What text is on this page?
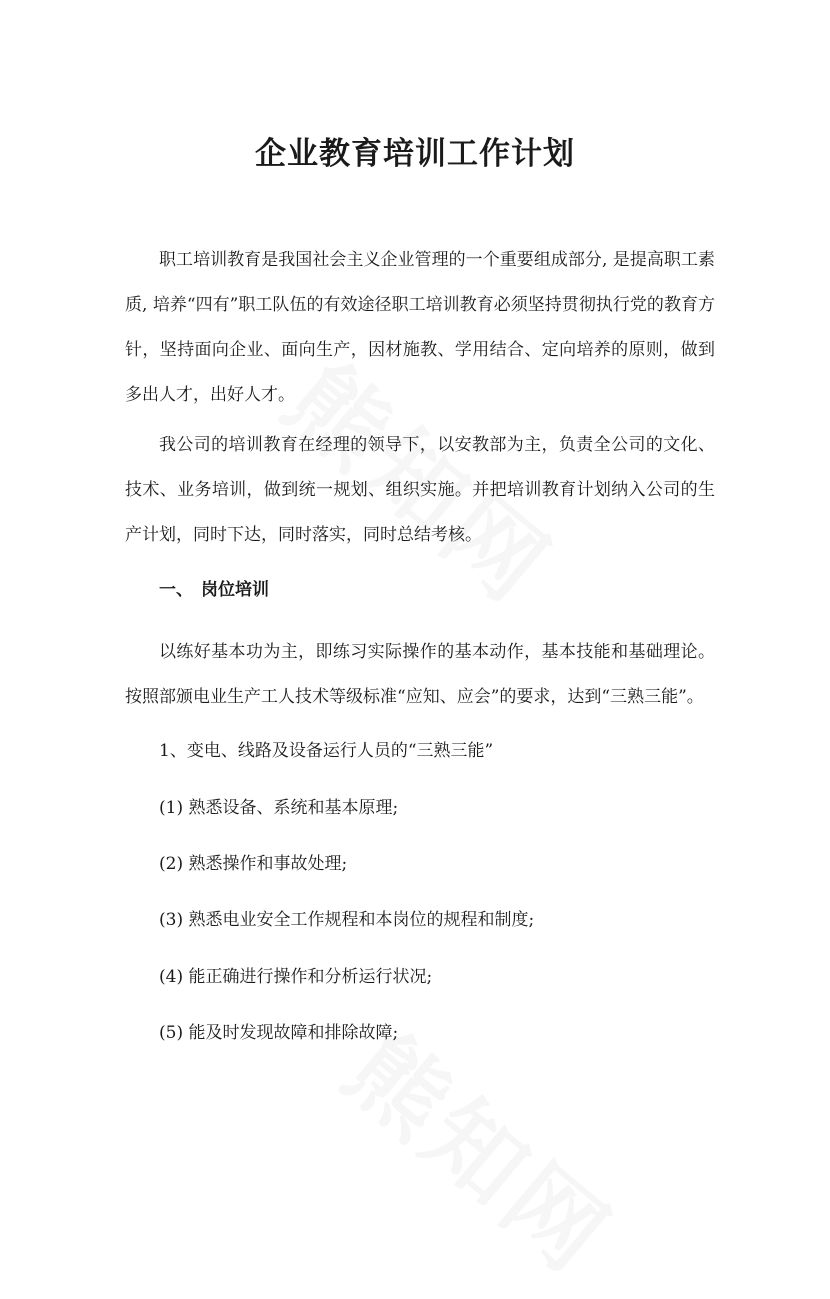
企业教育培训工作计划

职工培训教育是我国社会主义企业管理的一个重要组成部分, 是提高职工素质, 培养“四有”职工队伍的有效途径职工培训教育必须坚持贯彻执行党的教育方针，坚持面向企业、面向生产，因材施教、学用结合、定向培养的原则，做到多出人才，出好人才。

我公司的培训教育在经理的领导下，以安教部为主，负责全公司的文化、技术、业务培训，做到统一规划、组织实施。并把培训教育计划纳入公司的生产计划，同时下达，同时落实，同时总结考核。

一、 岗位培训

以练好基本功为主，即练习实际操作的基本动作，基本技能和基础理论。按照部颁电业生产工人技术等级标准“应知、应会”的要求，达到“三熟三能”。

1、变电、线路及设备运行人员的“三熟三能”

(1) 熟悉设备、系统和基本原理;

(2) 熟悉操作和事故处理;

(3) 熟悉电业安全工作规程和本岗位的规程和制度;

(4) 能正确进行操作和分析运行状况;

(5) 能及时发现故障和排除故障;
